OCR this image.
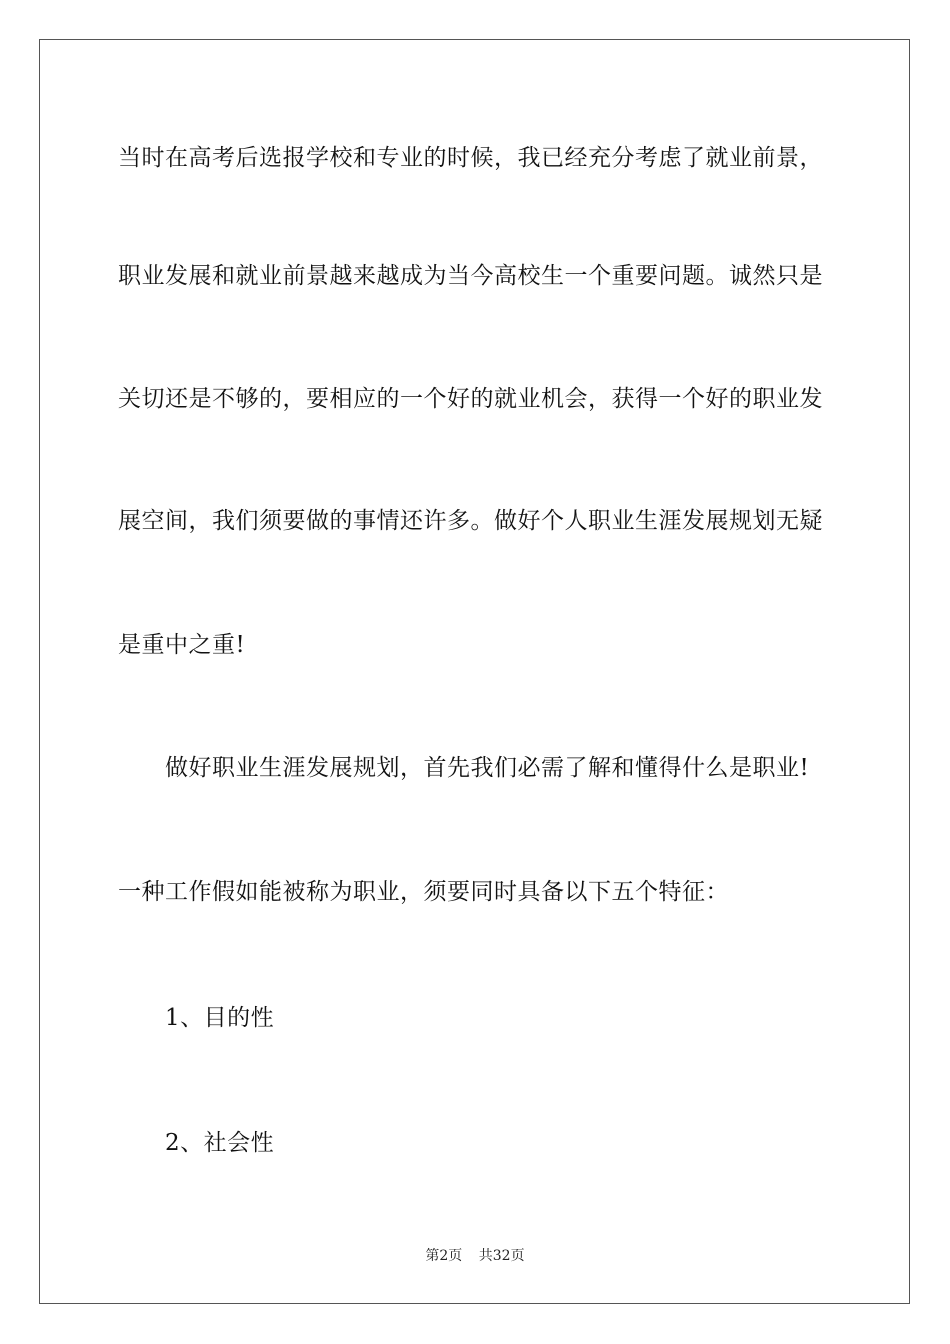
当时在高考后选报学校和专业的时候，我已经充分考虑了就业前景，
职业发展和就业前景越来越成为当今高校生一个重要问题。诚然只是
关切还是不够的，要相应的一个好的就业机会，获得一个好的职业发
展空间，我们须要做的事情还许多。做好个人职业生涯发展规划无疑
是重中之重!
做好职业生涯发展规划，首先我们必需了解和懂得什么是职业!
一种工作假如能被称为职业，须要同时具备以下五个特征：
1、目的性
2、社会性
第2页 共32页
